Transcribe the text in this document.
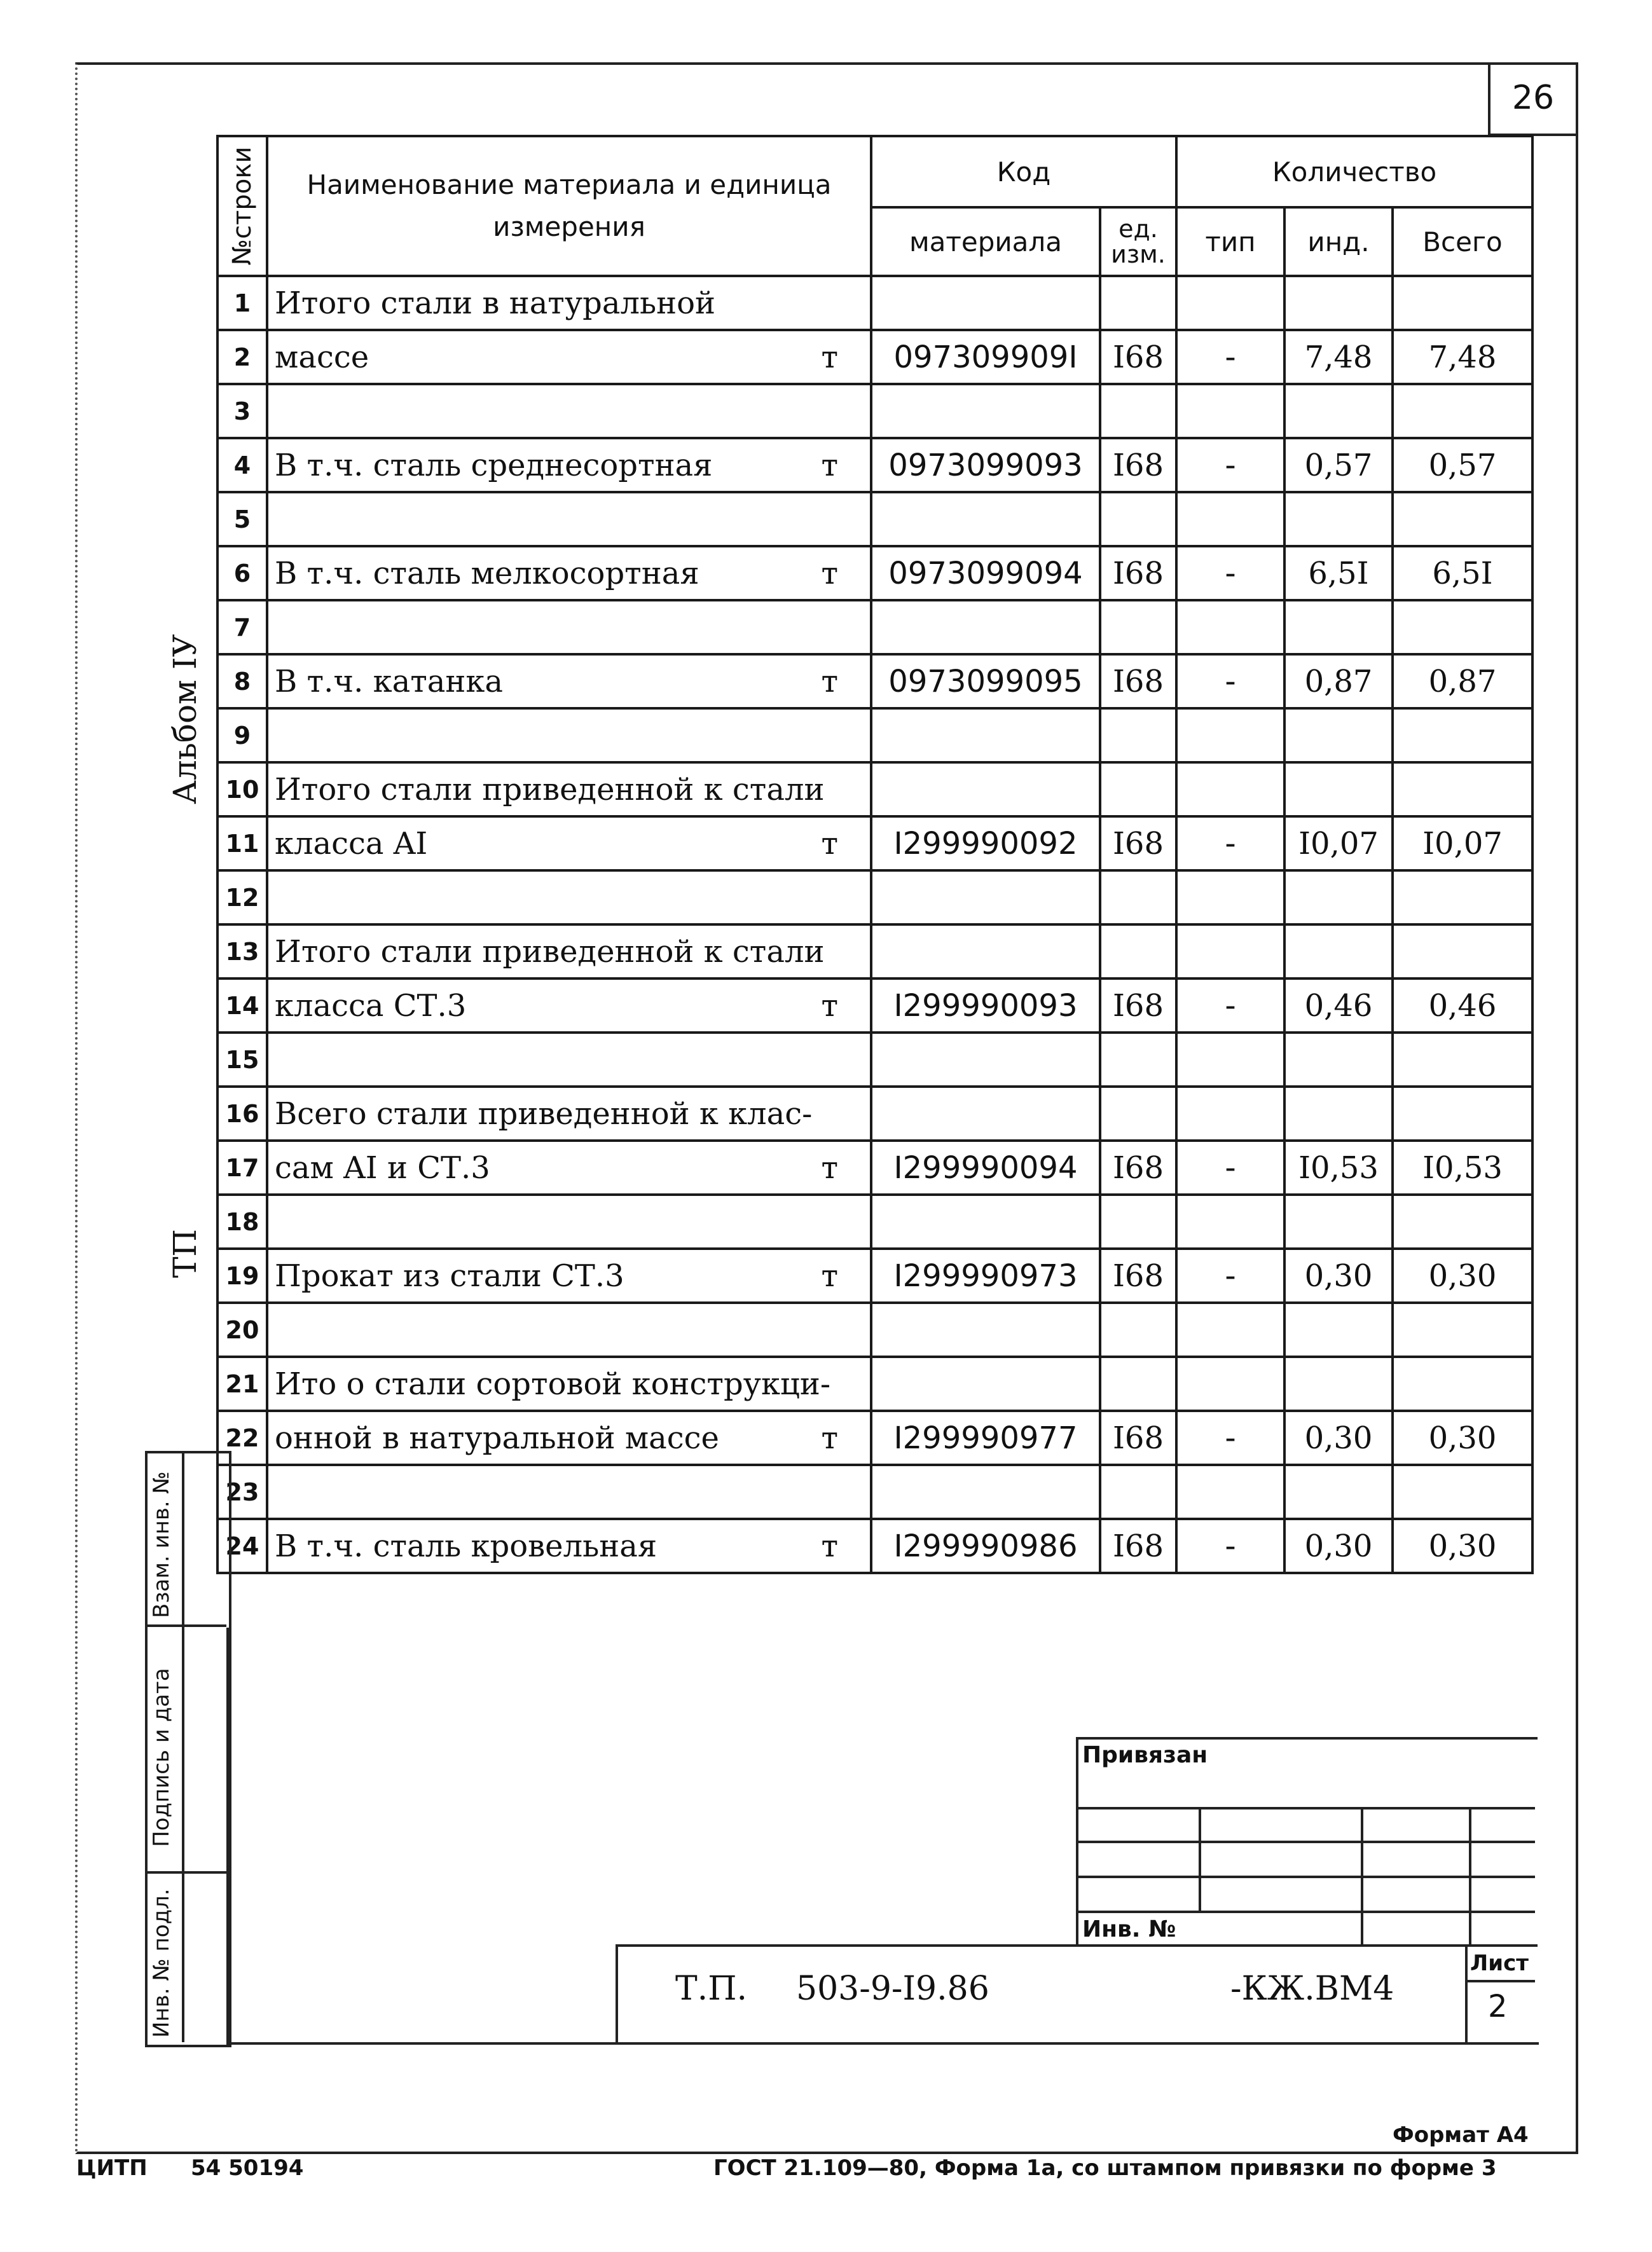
26
Альбом IУ
ТП
№строки	Наименование материала и единица измерения	Код		Количество		
		материала	ед. изм.	тип	инд.	Всего
1	Итого стали в натуральной					

2	массе т	097309909I	I68	-	7,48	7,48
3	

4	В т.ч. сталь среднесортная т	0973099093	I68	-	0,57	0,57
5	

6	В т.ч. сталь мелкосортная т	0973099094	I68	-	6,5I	6,5I
7	

8	В т.ч. катанка т	0973099095	I68	-	0,87	0,87
9	

10	Итого стали приведенной к стали					

11	класса AI т	I299990092	I68	-	I0,07	I0,07
12	

13	Итого стали приведенной к стали					

14	класса СТ.3 т	I299990093	I68	-	0,46	0,46
15	

16	Всего стали приведенной к клас-					

17	сам AI и СТ.3 т	I299990094	I68	-	I0,53	I0,53
18	

19	Прокат из стали СТ.3 т	I299990973	I68	-	0,30	0,30
20	

21	Ито о стали сортовой конструкци-					

22	онной в натуральной массе т	I299990977	I68	-	0,30	0,30
23	

24	В т.ч. сталь кровельная т	I299990986	I68	-	0,30	0,30
Взам. инв. №
Подпись и дата
Инв. № подл.
Привязан
Инв. №
Т.П. 503-9-I9.86	-КЖ.ВМ4
Лист
2
Формат А4
ЦИТП 54 50194	ГОСТ 21.109—80, Форма 1а, со штампом привязки по форме 3
